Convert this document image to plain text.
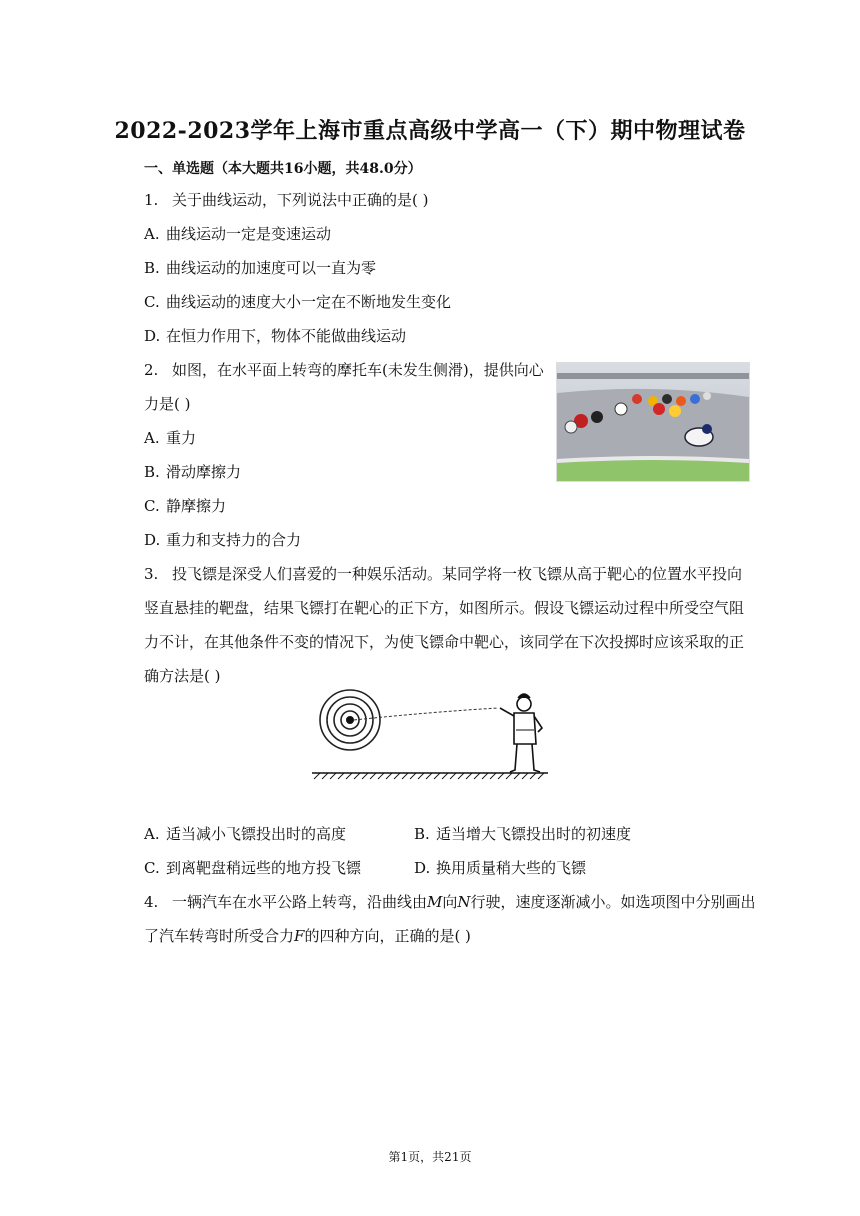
2022-2023学年上海市重点高级中学高一（下）期中物理试卷
一、单选题（本大题共16小题，共48.0分）
1. 关于曲线运动，下列说法中正确的是( )
A. 曲线运动一定是变速运动
B. 曲线运动的加速度可以一直为零
C. 曲线运动的速度大小一定在不断地发生变化
D. 在恒力作用下，物体不能做曲线运动
2. 如图，在水平面上转弯的摩托车(未发生侧滑)，提供向心
力是( )
A. 重力
B. 滑动摩擦力
C. 静摩擦力
D. 重力和支持力的合力
3. 投飞镖是深受人们喜爱的一种娱乐活动。某同学将一枚飞镖从高于靶心的位置水平投向
竖直悬挂的靶盘，结果飞镖打在靶心的正下方，如图所示。假设飞镖运动过程中所受空气阻
力不计，在其他条件不变的情况下，为使飞镖命中靶心，该同学在下次投掷时应该采取的正
确方法是( )
A. 适当减小飞镖投出时的高度	B. 适当增大飞镖投出时的初速度
C. 到离靶盘稍远些的地方投飞镖	D. 换用质量稍大些的飞镖
4. 一辆汽车在水平公路上转弯，沿曲线由M向N行驶，速度逐渐减小。如选项图中分别画出
了汽车转弯时所受合力F的四种方向，正确的是( )
第1页，共21页
